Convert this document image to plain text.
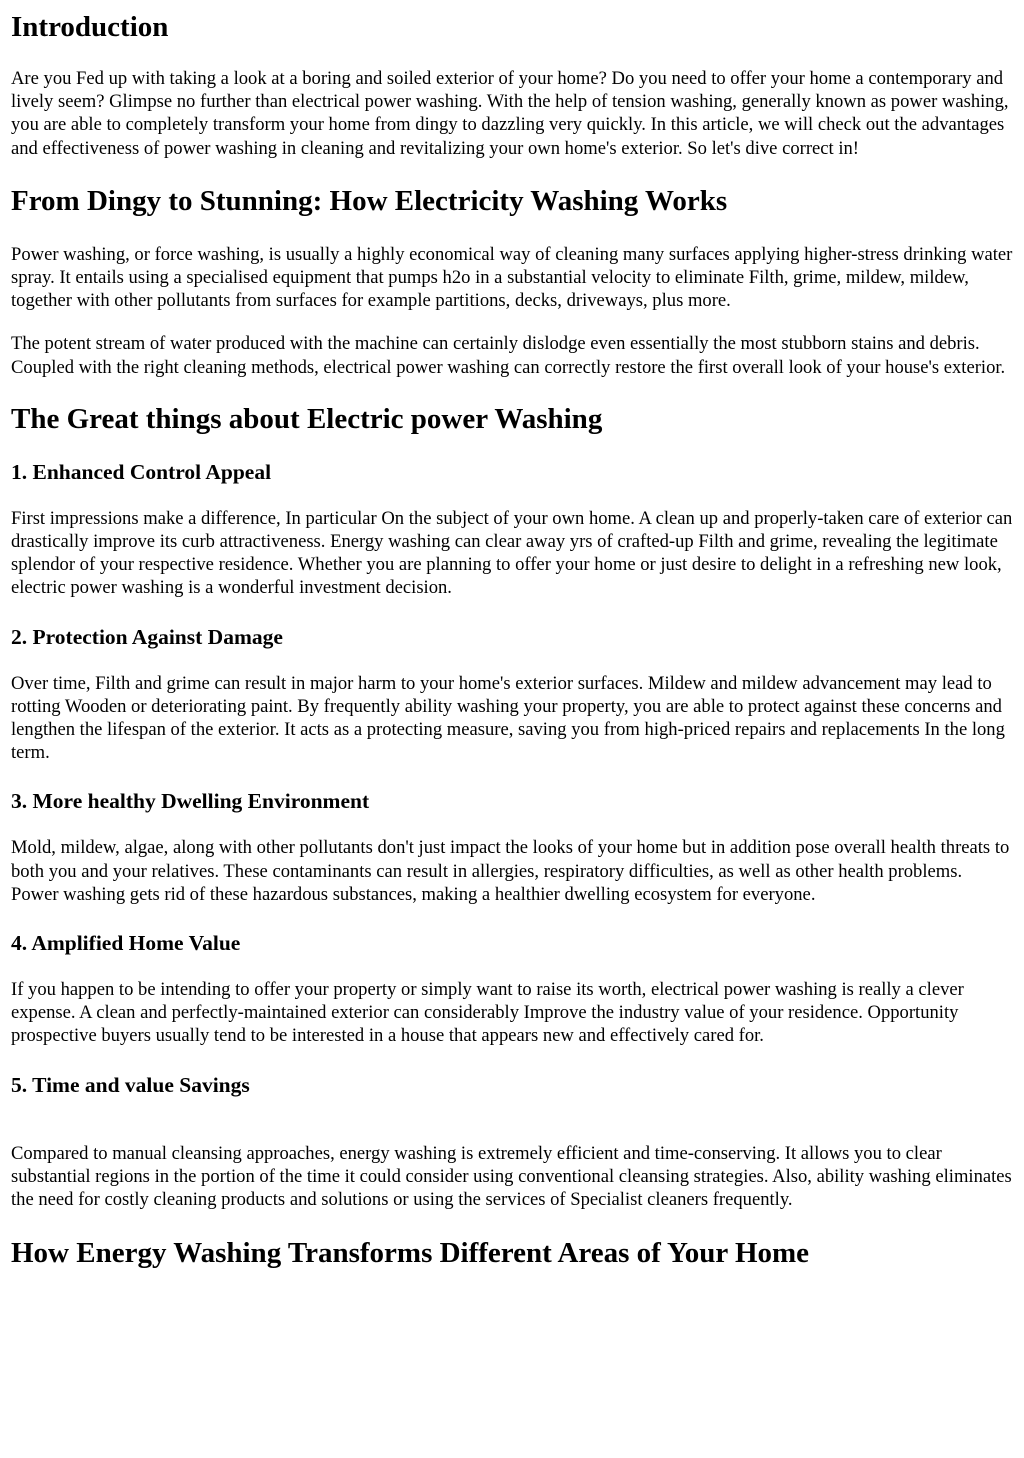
Introduction

Are you Fed up with taking a look at a boring and soiled exterior of your home? Do you need to offer your home a contemporary and lively seem? Glimpse no further than electrical power washing. With the help of tension washing, generally known as power washing, you are able to completely transform your home from dingy to dazzling very quickly. In this article, we will check out the advantages and effectiveness of power washing in cleaning and revitalizing your own home's exterior. So let's dive correct in!

From Dingy to Stunning: How Electricity Washing Works

Power washing, or force washing, is usually a highly economical way of cleaning many surfaces applying higher-stress drinking water spray. It entails using a specialised equipment that pumps h2o in a substantial velocity to eliminate Filth, grime, mildew, mildew, together with other pollutants from surfaces for example partitions, decks, driveways, plus more.

The potent stream of water produced with the machine can certainly dislodge even essentially the most stubborn stains and debris. Coupled with the right cleaning methods, electrical power washing can correctly restore the first overall look of your house's exterior.

The Great things about Electric power Washing
1. Enhanced Control Appeal

First impressions make a difference, In particular On the subject of your own home. A clean up and properly-taken care of exterior can drastically improve its curb attractiveness. Energy washing can clear away yrs of crafted-up Filth and grime, revealing the legitimate splendor of your respective residence. Whether you are planning to offer your home or just desire to delight in a refreshing new look, electric power washing is a wonderful investment decision.

2. Protection Against Damage

Over time, Filth and grime can result in major harm to your home's exterior surfaces. Mildew and mildew advancement may lead to rotting Wooden or deteriorating paint. By frequently ability washing your property, you are able to protect against these concerns and lengthen the lifespan of the exterior. It acts as a protecting measure, saving you from high-priced repairs and replacements In the long term.

3. More healthy Dwelling Environment

Mold, mildew, algae, along with other pollutants don't just impact the looks of your home but in addition pose overall health threats to both you and your relatives. These contaminants can result in allergies, respiratory difficulties, as well as other health problems. Power washing gets rid of these hazardous substances, making a healthier dwelling ecosystem for everyone.

4. Amplified Home Value

If you happen to be intending to offer your property or simply want to raise its worth, electrical power washing is really a clever expense. A clean and perfectly-maintained exterior can considerably Improve the industry value of your residence. Opportunity prospective buyers usually tend to be interested in a house that appears new and effectively cared for.

5. Time and value Savings

Compared to manual cleansing approaches, energy washing is extremely efficient and time-conserving. It allows you to clear substantial regions in the portion of the time it could consider using conventional cleansing strategies. Also, ability washing eliminates the need for costly cleaning products and solutions or using the services of Specialist cleaners frequently.

How Energy Washing Transforms Different Areas of Your Home
